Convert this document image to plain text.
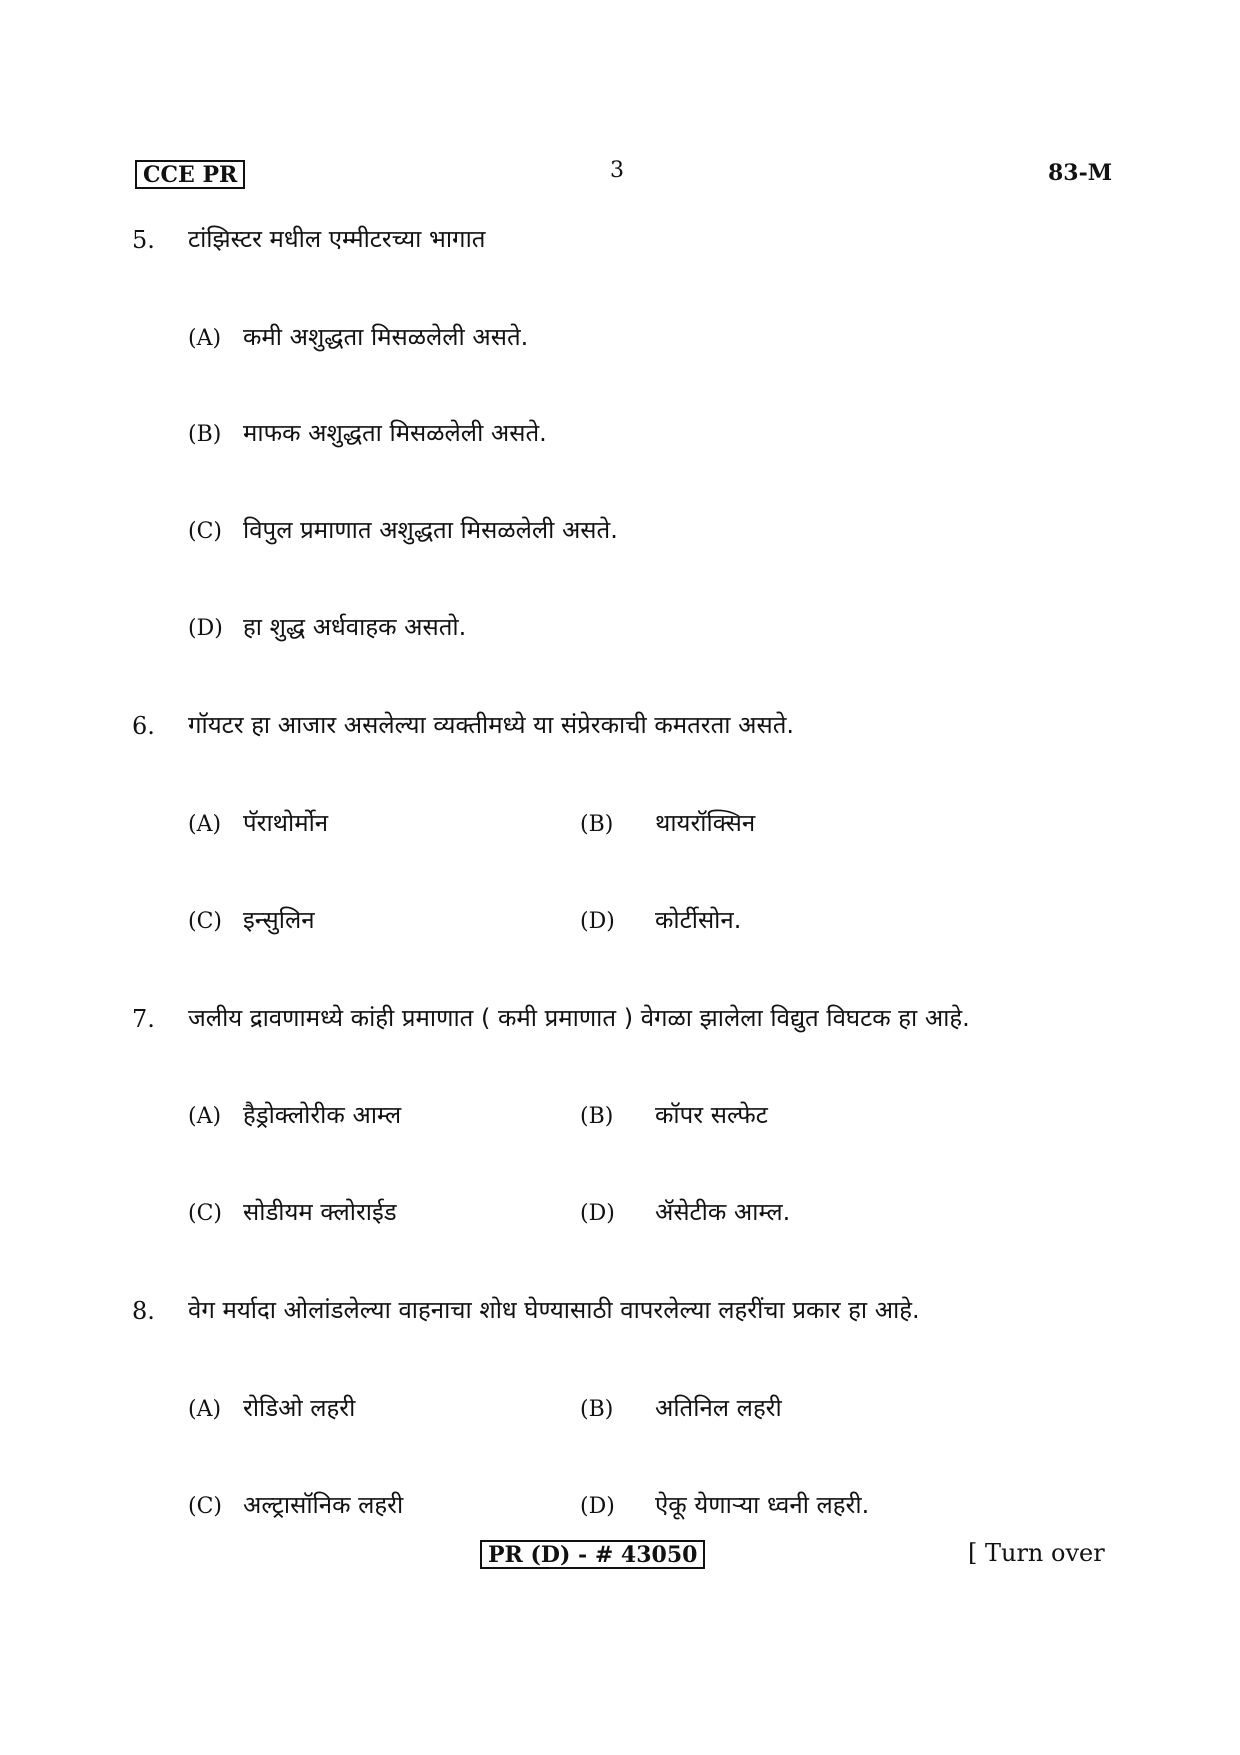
CCE PR	3	83-M
5. टांझिस्टर मधील एम्मीटरच्या भागात
(A) कमी अशुद्धता मिसळलेली असते.
(B) माफक अशुद्धता मिसळलेली असते.
(C) विपुल प्रमाणात अशुद्धता मिसळलेली असते.
(D) हा शुद्ध अर्धवाहक असतो.
6. गॉयटर हा आजार असलेल्या व्यक्तीमध्ये या संप्रेरकाची कमतरता असते.
(A) पॅराथोर्मोन	(B) थायरॉक्सिन
(C) इन्सुलिन	(D) कोर्टीसोन.
7. जलीय द्रावणामध्ये कांही प्रमाणात ( कमी प्रमाणात ) वेगळा झालेला विद्युत विघटक हा आहे.
(A) हैड्रोक्लोरीक आम्ल	(B) कॉपर सल्फेट
(C) सोडीयम क्लोराईड	(D) ॲसेटीक आम्ल.
8. वेग मर्यादा ओलांडलेल्या वाहनाचा शोध घेण्यासाठी वापरलेल्या लहरींचा प्रकार हा आहे.
(A) रोडिओ लहरी	(B) अतिनिल लहरी
(C) अल्ट्रासॉनिक लहरी	(D) ऐकू येणाऱ्या ध्वनी लहरी.
PR (D) - # 43050	[ Turn over
